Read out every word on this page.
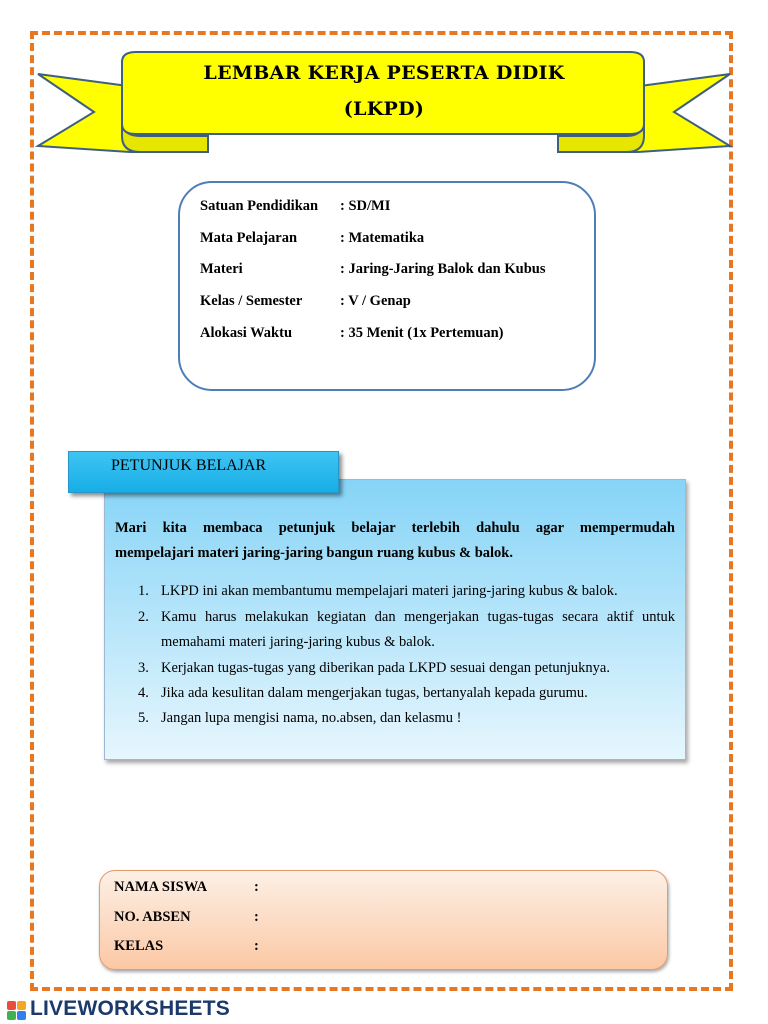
LEMBAR KERJA PESERTA DIDIK
(LKPD)
Satuan Pendidikan	: SD/MI
Mata Pelajaran	: Matematika
Materi	: Jaring-Jaring Balok dan Kubus
Kelas / Semester	: V / Genap
Alokasi Waktu	: 35 Menit (1x Pertemuan)
PETUNJUK BELAJAR
Mari kita membaca petunjuk belajar terlebih dahulu agar mempermudah
mempelajari materi jaring-jaring bangun ruang kubus & balok.
1. LKPD ini akan membantumu mempelajari materi jaring-jaring kubus & balok.
2. Kamu harus melakukan kegiatan dan mengerjakan tugas-tugas secara aktif untuk
memahami materi jaring-jaring kubus & balok.
3. Kerjakan tugas-tugas yang diberikan pada LKPD sesuai dengan petunjuknya.
4. Jika ada kesulitan dalam mengerjakan tugas, bertanyalah kepada gurumu.
5. Jangan lupa mengisi nama, no.absen, dan kelasmu !
NAMA SISWA	:
NO. ABSEN	:
KELAS	:
LIVEWORKSHEETS
